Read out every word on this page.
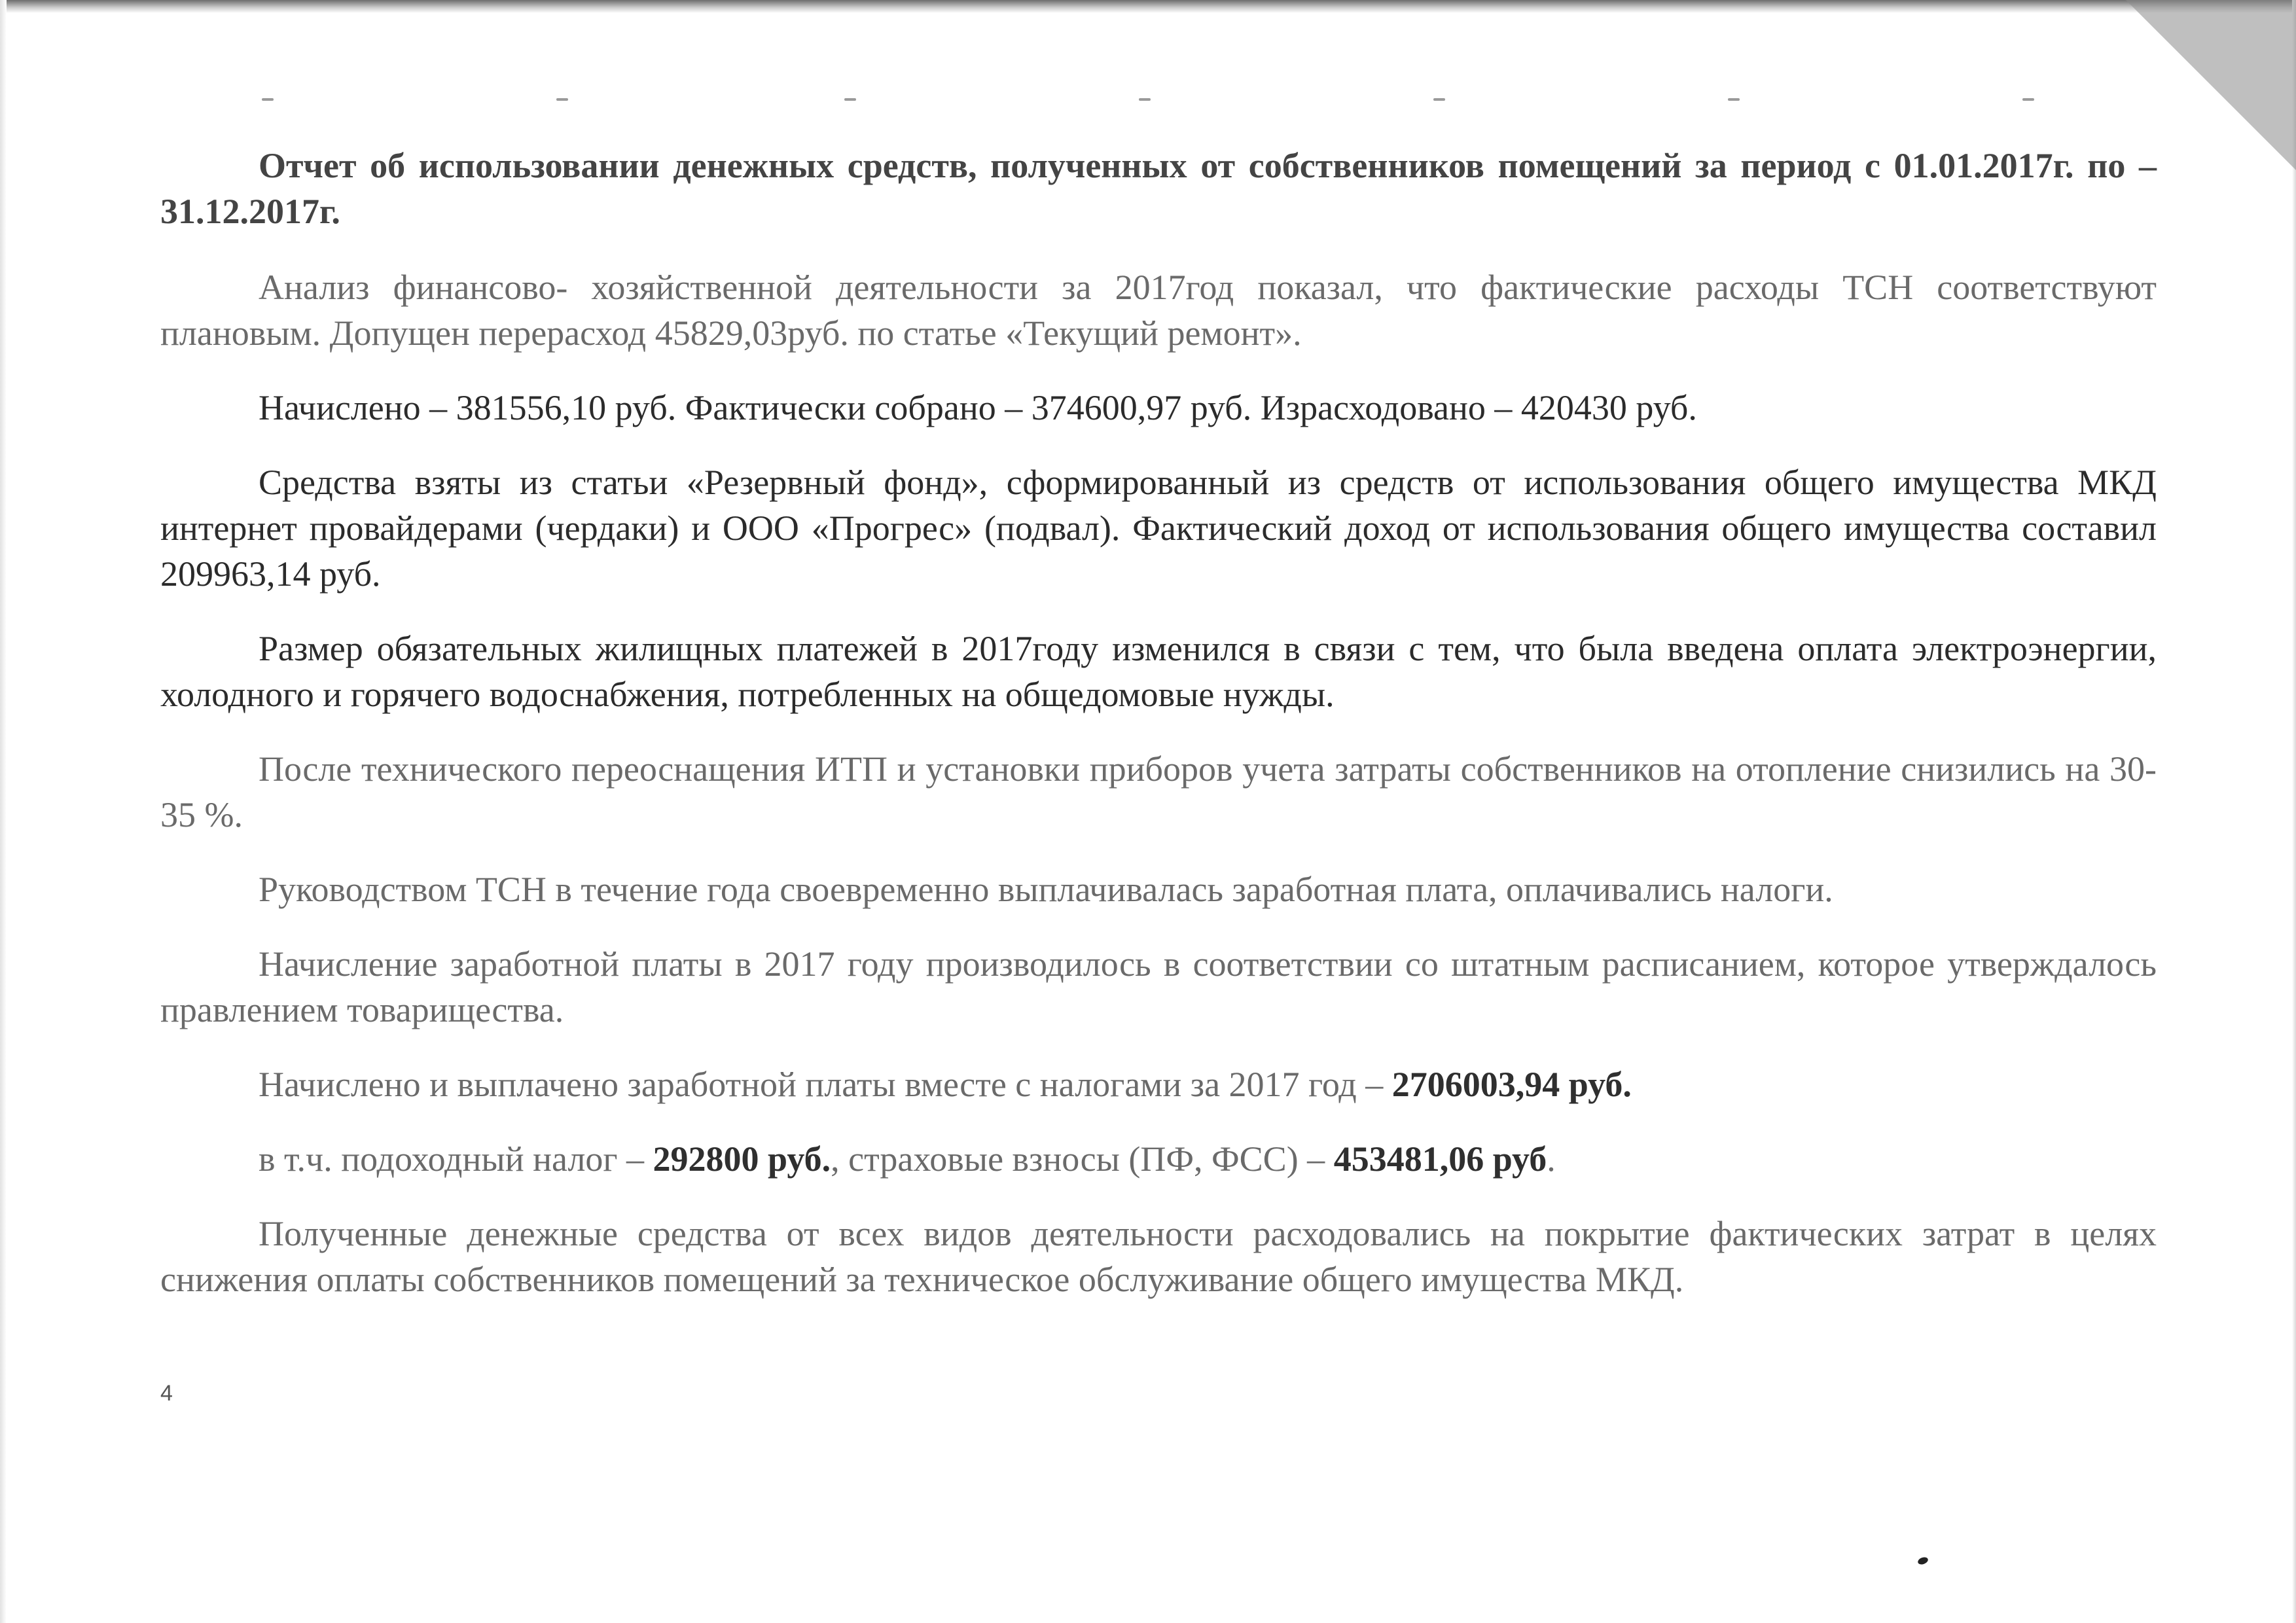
Отчет об использовании денежных средств, полученных от собственников помещений за период с 01.01.2017г. по – 31.12.2017г.

Анализ финансово- хозяйственной деятельности за 2017год показал, что фактические расходы ТСН соответствуют плановым. Допущен перерасход 45829,03руб. по статье «Текущий ремонт».

Начислено – 381556,10 руб. Фактически собрано – 374600,97 руб. Израсходовано – 420430 руб.

Средства взяты из статьи «Резервный фонд», сформированный из средств от использования общего имущества МКД интернет провайдерами (чердаки) и ООО «Прогрес» (подвал). Фактический доход от использования общего имущества составил 209963,14 руб.

Размер обязательных жилищных платежей в 2017году изменился в связи с тем, что была введена оплата электроэнергии, холодного и горячего водоснабжения, потребленных на общедомовые нужды.

После технического переоснащения ИТП и установки приборов учета затраты собственников на отопление снизились на 30-35 %.

Руководством ТСН в течение года своевременно выплачивалась заработная плата, оплачивались налоги.

Начисление заработной платы в 2017 году производилось в соответствии со штатным расписанием, которое утверждалось правлением товарищества.

Начислено и выплачено заработной платы вместе с налогами за 2017 год – 2706003,94 руб.

в т.ч. подоходный налог – 292800 руб., страховые взносы (ПФ, ФСС) – 453481,06 руб.

Полученные денежные средства от всех видов деятельности расходовались на покрытие фактических затрат в целях снижения оплаты собственников помещений за техническое обслуживание общего имущества МКД.

4
